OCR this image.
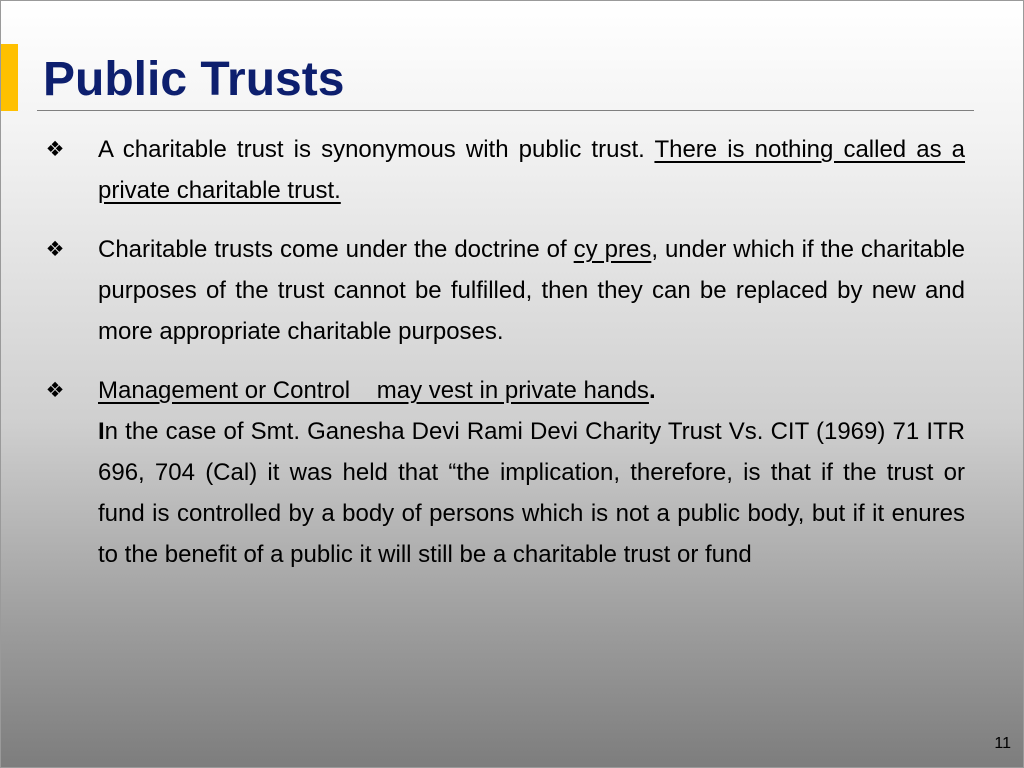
Public Trusts
❖ A charitable trust is synonymous with public trust. There is nothing called as a private charitable trust.
❖ Charitable trusts come under the doctrine of cy pres, under which if the charitable purposes of the trust cannot be fulfilled, then they can be replaced by new and more appropriate charitable purposes.
❖ Management or Control    may vest in private hands.
In the case of Smt. Ganesha Devi Rami Devi Charity Trust Vs. CIT (1969) 71 ITR 696, 704 (Cal) it was held that “the implication, therefore, is that if the trust or fund is controlled by a body of persons which is not a public body, but if it enures to the benefit of a public it will still be a charitable trust or fund
11
